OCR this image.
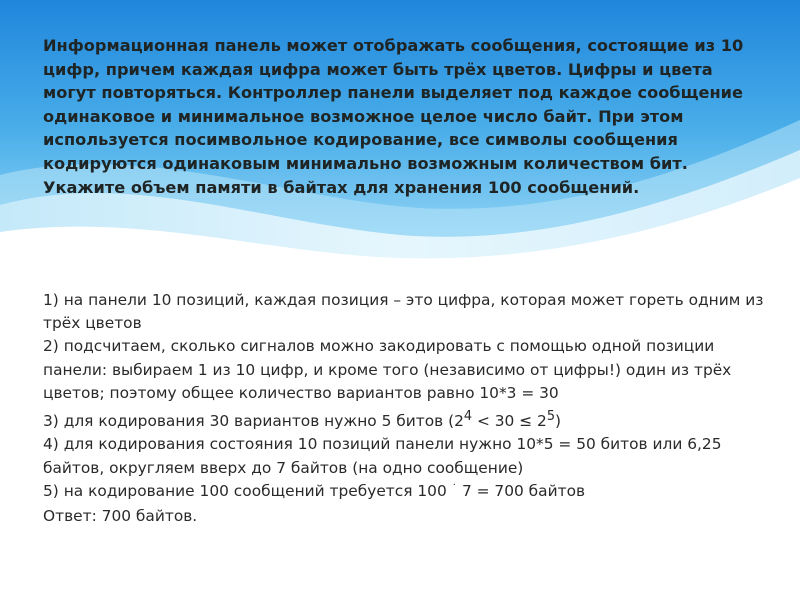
Информационная панель может отображать сообщения, состоящие из 10 цифр, причем каждая цифра может быть трёх цветов. Цифры и цвета могут повторяться. Контроллер панели выделяет под каждое сообщение одинаковое и минимальное возможное целое число байт. При этом используется посимвольное кодирование, все символы сообщения кодируются одинаковым минимально возможным количеством бит. Укажите объем памяти в байтах для хранения 100 сообщений.

1) на панели 10 позиций, каждая позиция – это цифра, которая может гореть одним из трёх цветов

2) подсчитаем, сколько сигналов можно закодировать с помощью одной позиции панели: выбираем 1 из 10 цифр, и кроме того (независимо от цифры!) один из трёх цветов; поэтому общее количество вариантов равно 10*3 = 30

3) для кодирования 30 вариантов нужно 5 битов $(2^4 < 30 \le 2^5)$

4) для кодирования состояния 10 позиций панели нужно 10*5 = 50 битов или 6,25 байтов, округляем вверх до 7 байтов (на одно сообщение)

5) на кодирование 100 сообщений требуется 100 · 7 = 700 байтов

Ответ: 700 байтов.
